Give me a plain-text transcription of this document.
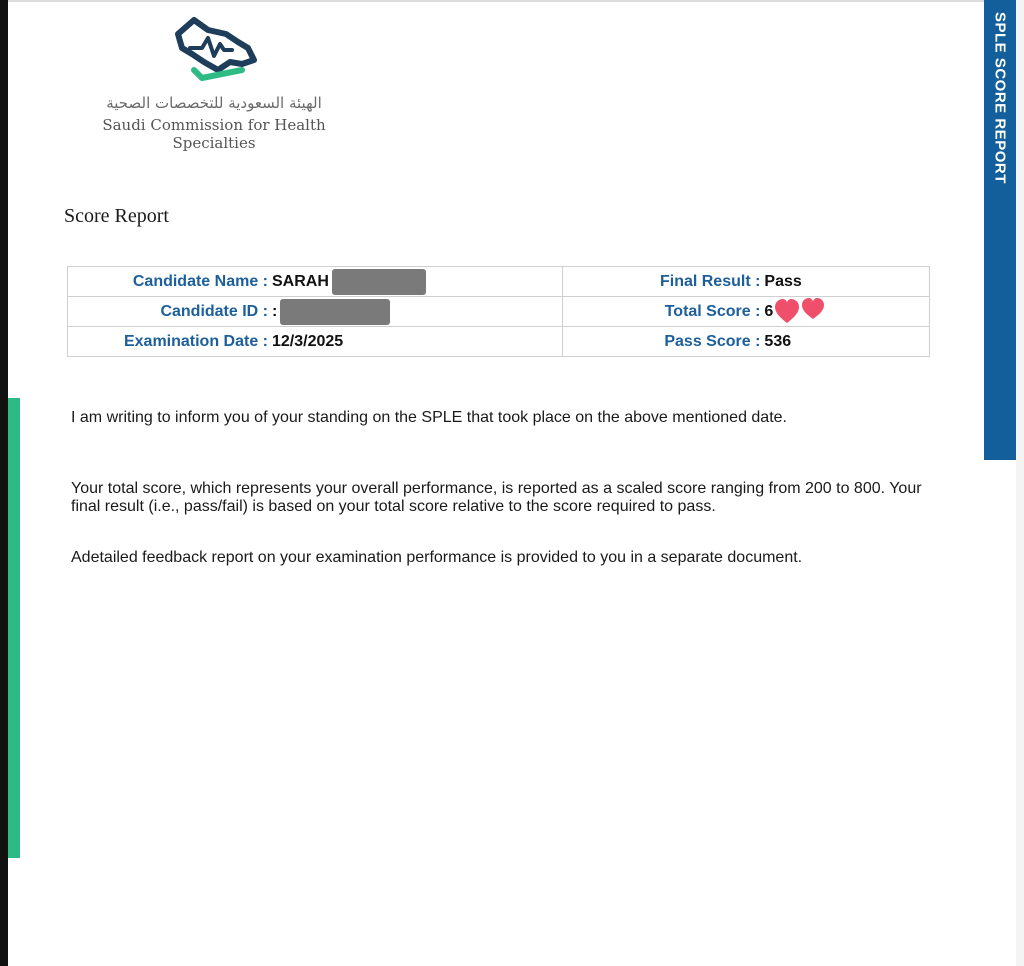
SPLE SCORE REPORT
الهيئة السعودية للتخصصات الصحية
Saudi Commission for Health Specialties
Score Report
Candidate Name : SARAH	Final Result : Pass

Candidate ID : :	Total Score : 6

Examination Date : 12/3/2025	Pass Score : 536
I am writing to inform you of your standing on the SPLE that took place on the above mentioned date.
Your total score, which represents your overall performance, is reported as a scaled score ranging from 200 to 800. Your final result (i.e., pass/fail) is based on your total score relative to the score required to pass.
Adetailed feedback report on your examination performance is provided to you in a separate document.
